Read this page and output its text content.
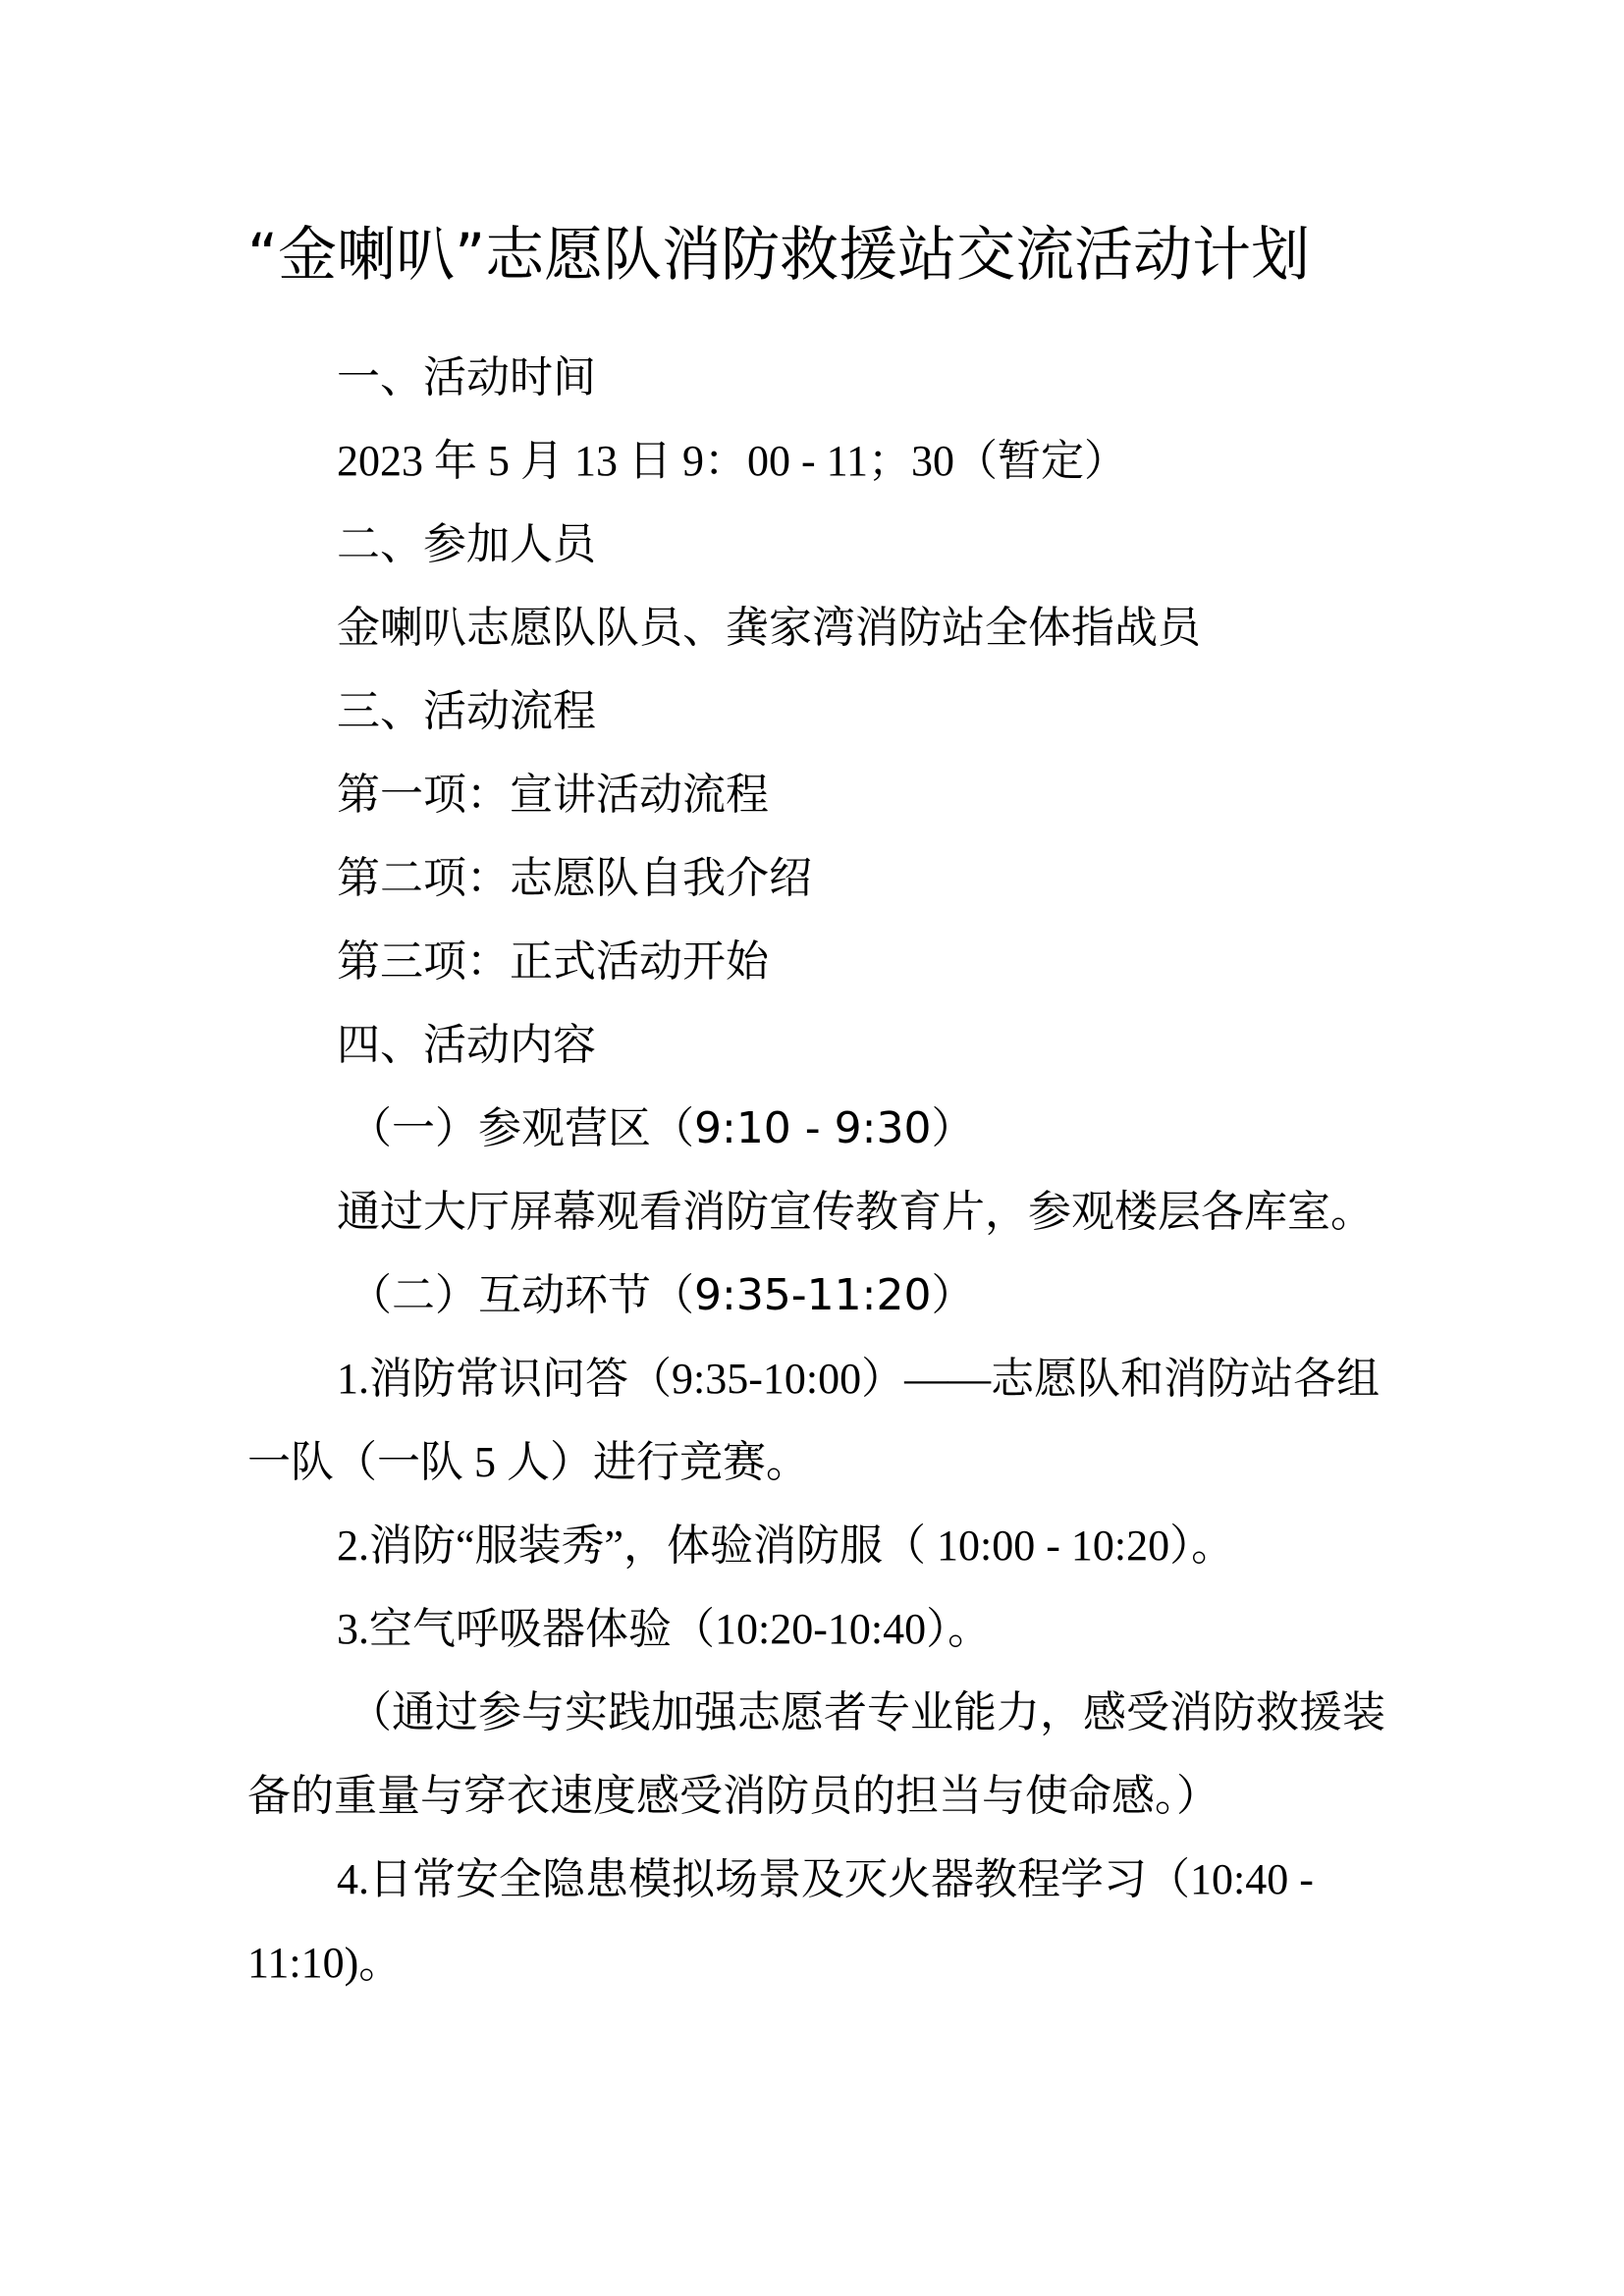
“金喇叭”志愿队消防救援站交流活动计划
一、活动时间
2023 年 5 月 13 日 9：00 - 11；30（暂定）
二、参加人员
金喇叭志愿队队员、龚家湾消防站全体指战员
三、活动流程
第一项：宣讲活动流程
第二项：志愿队自我介绍
第三项：正式活动开始
四、活动内容
（一）参观营区（9:10 - 9:30）
通过大厅屏幕观看消防宣传教育片，参观楼层各库室。
（二）互动环节（9:35-11:20）
1.消防常识问答（9:35-10:00）——志愿队和消防站各组
一队（一队 5 人）进行竞赛。
2.消防“服装秀”，体验消防服（ 10:00 - 10:20）。
3.空气呼吸器体验（10:20-10:40）。
（通过参与实践加强志愿者专业能力，感受消防救援装
备的重量与穿衣速度感受消防员的担当与使命感。）
4.日常安全隐患模拟场景及灭火器教程学习（10:40 -
11:10)。
